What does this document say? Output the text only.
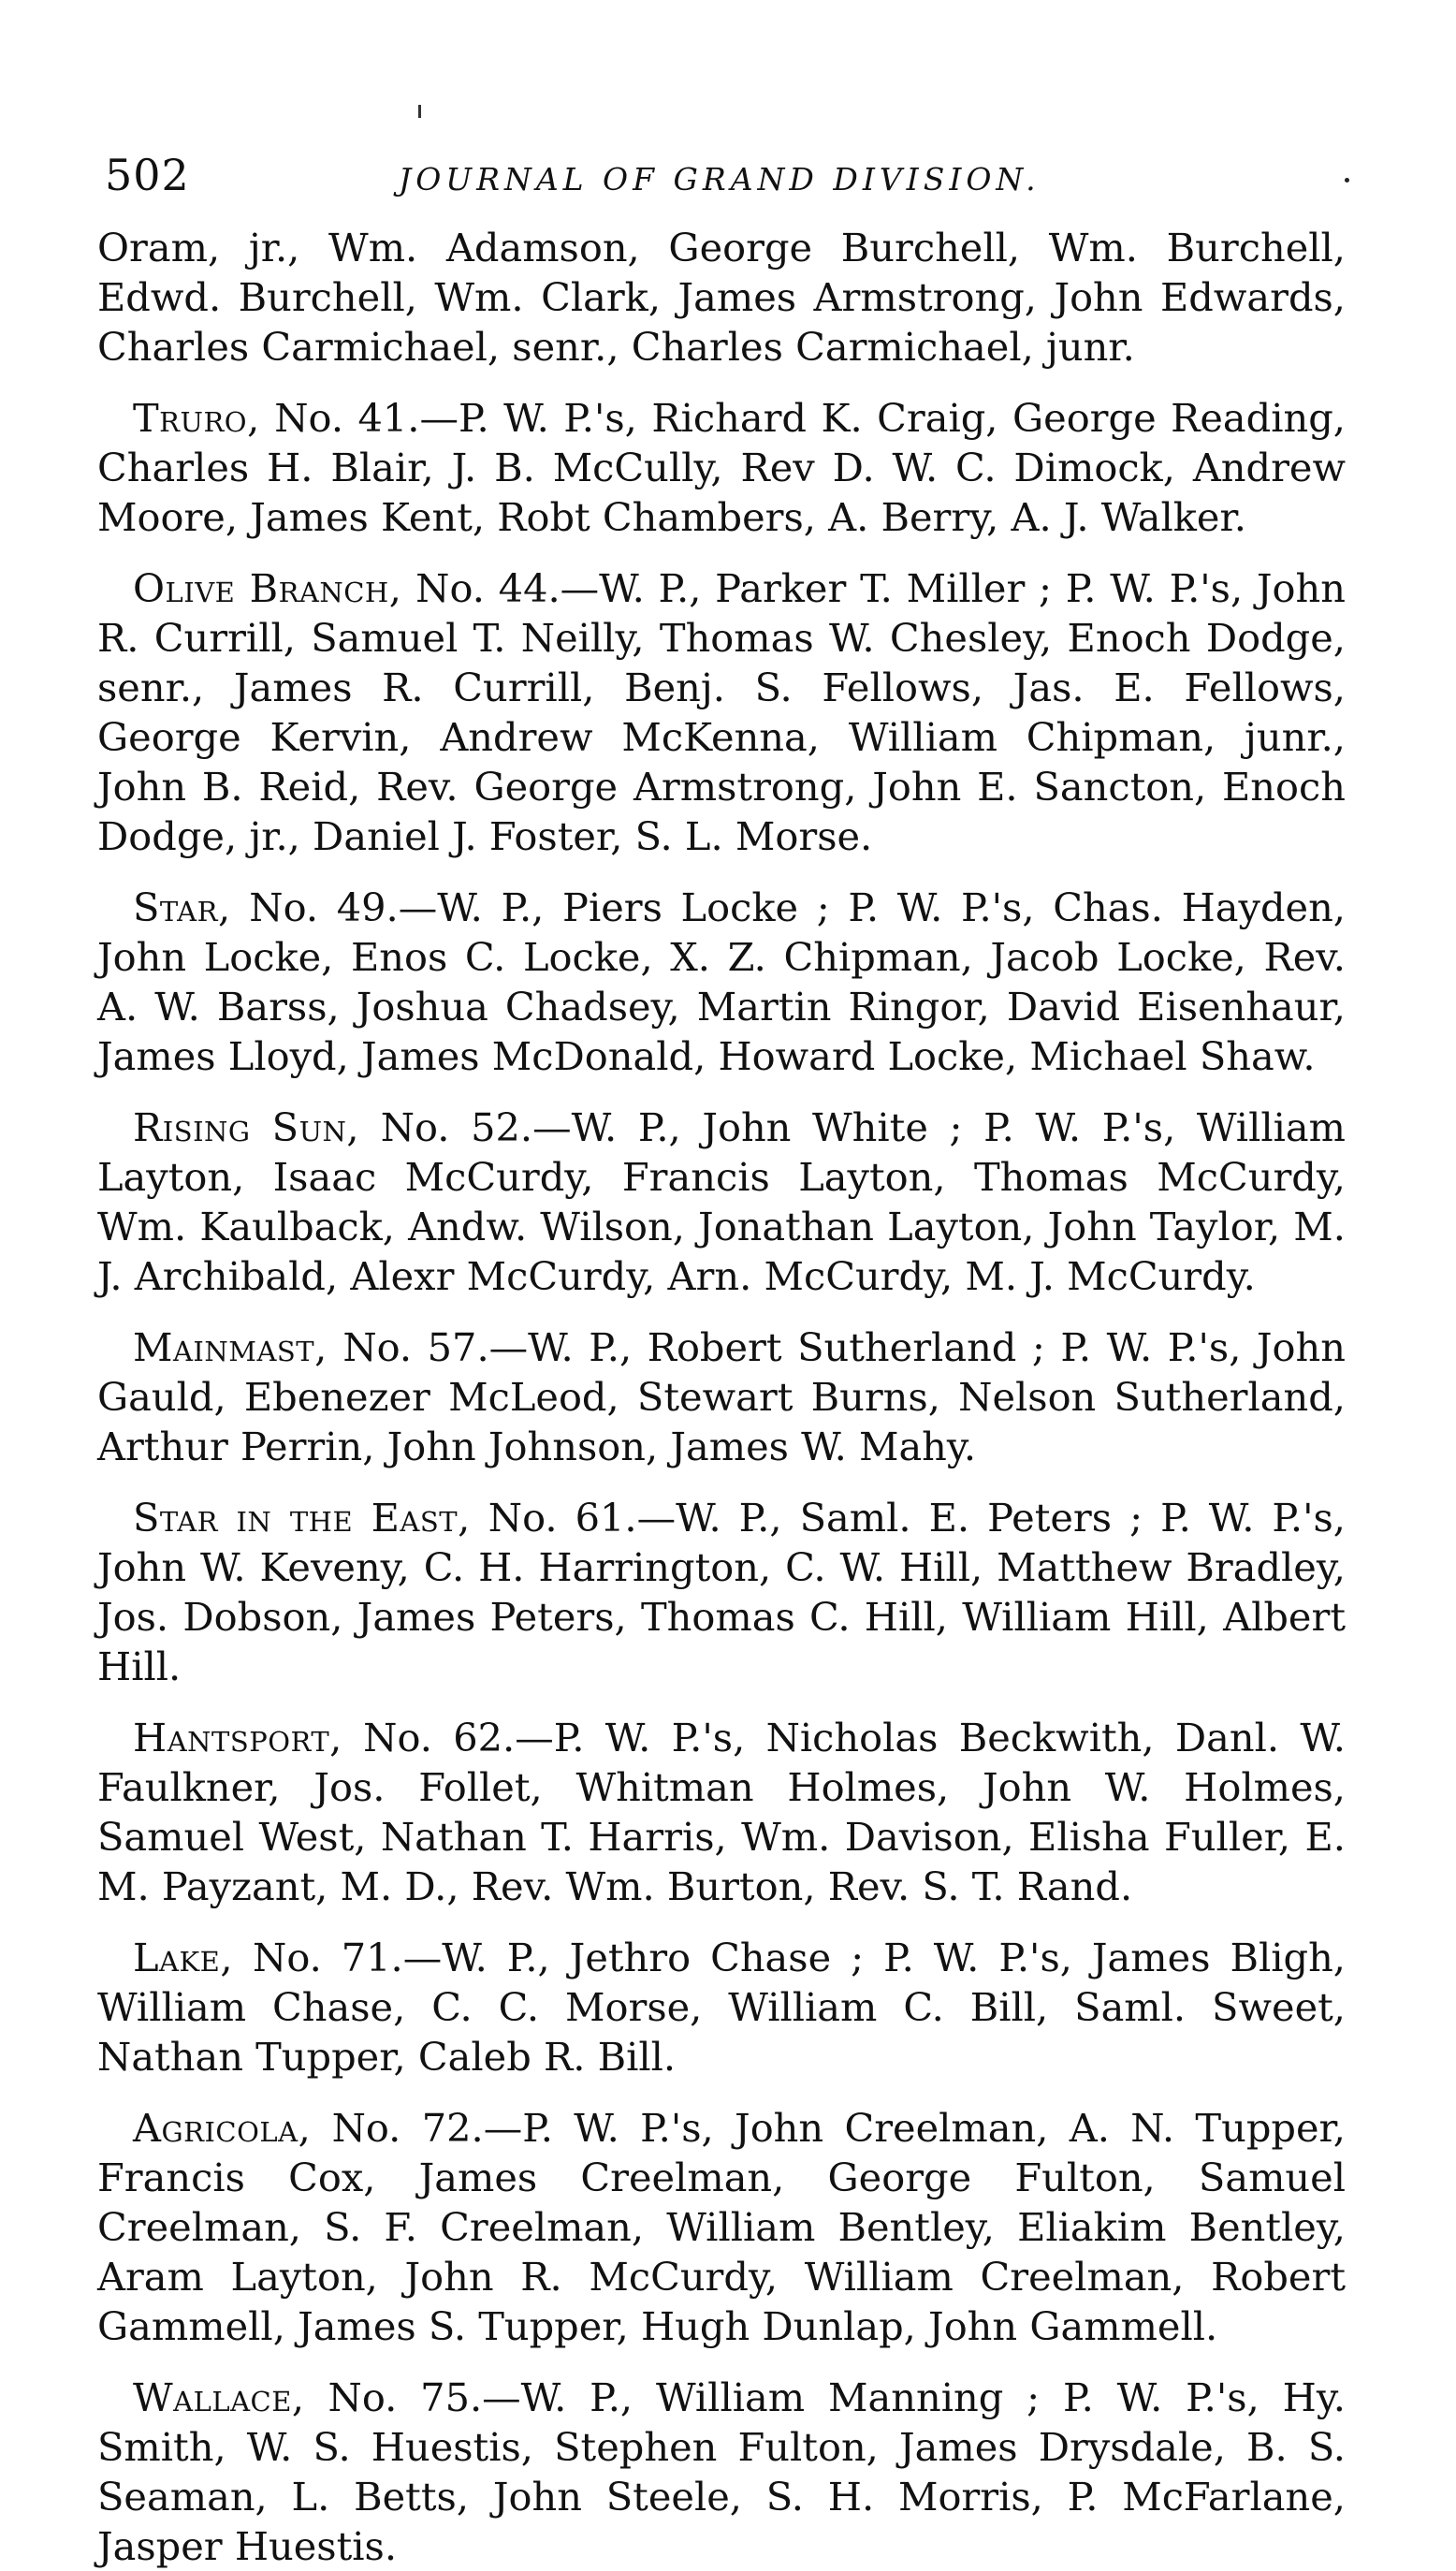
502	JOURNAL OF GRAND DIVISION.

Oram, jr., Wm. Adamson, George Burchell, Wm. Burchell, Edwd. Burchell, Wm. Clark, James Armstrong, John Edwards, Charles Carmichael, senr., Charles Carmichael, junr.

Truro, No. 41.—P. W. P.'s, Richard K. Craig, George Reading, Charles H. Blair, J. B. McCully, Rev D. W. C. Dimock, Andrew Moore, James Kent, Robt Chambers, A. Berry, A. J. Walker.

Olive Branch, No. 44.—W. P., Parker T. Miller ; P. W. P.'s, John R. Currill, Samuel T. Neilly, Thomas W. Chesley, Enoch Dodge, senr., James R. Currill, Benj. S. Fellows, Jas. E. Fellows, George Kervin, Andrew McKenna, William Chipman, junr., John B. Reid, Rev. George Armstrong, John E. Sancton, Enoch Dodge, jr., Daniel J. Foster, S. L. Morse.

Star, No. 49.—W. P., Piers Locke ; P. W. P.'s, Chas. Hayden, John Locke, Enos C. Locke, X. Z. Chipman, Jacob Locke, Rev. A. W. Barss, Joshua Chadsey, Martin Ringor, David Eisenhaur, James Lloyd, James McDonald, Howard Locke, Michael Shaw.

Rising Sun, No. 52.—W. P., John White ; P. W. P.'s, William Layton, Isaac McCurdy, Francis Layton, Thomas McCurdy, Wm. Kaulback, Andw. Wilson, Jonathan Layton, John Taylor, M. J. Archibald, Alexr McCurdy, Arn. McCurdy, M. J. McCurdy.

Mainmast, No. 57.—W. P., Robert Sutherland ; P. W. P.'s, John Gauld, Ebenezer McLeod, Stewart Burns, Nelson Sutherland, Arthur Perrin, John Johnson, James W. Mahy.

Star in the East, No. 61.—W. P., Saml. E. Peters ; P. W. P.'s, John W. Keveny, C. H. Harrington, C. W. Hill, Matthew Bradley, Jos. Dobson, James Peters, Thomas C. Hill, William Hill, Albert Hill.

Hantsport, No. 62.—P. W. P.'s, Nicholas Beckwith, Danl. W. Faulkner, Jos. Follet, Whitman Holmes, John W. Holmes, Samuel West, Nathan T. Harris, Wm. Davison, Elisha Fuller, E. M. Payzant, M. D., Rev. Wm. Burton, Rev. S. T. Rand.

Lake, No. 71.—W. P., Jethro Chase ; P. W. P.'s, James Bligh, William Chase, C. C. Morse, William C. Bill, Saml. Sweet, Nathan Tupper, Caleb R. Bill.

Agricola, No. 72.—P. W. P.'s, John Creelman, A. N. Tupper, Francis Cox, James Creelman, George Fulton, Samuel Creelman, S. F. Creelman, William Bentley, Eliakim Bentley, Aram Layton, John R. McCurdy, William Creelman, Robert Gammell, James S. Tupper, Hugh Dunlap, John Gammell.

Wallace, No. 75.—W. P., William Manning ; P. W. P.'s, Hy. Smith, W. S. Huestis, Stephen Fulton, James Drysdale, B. S. Seaman, L. Betts, John Steele, S. H. Morris, P. McFarlane, Jasper Huestis.
